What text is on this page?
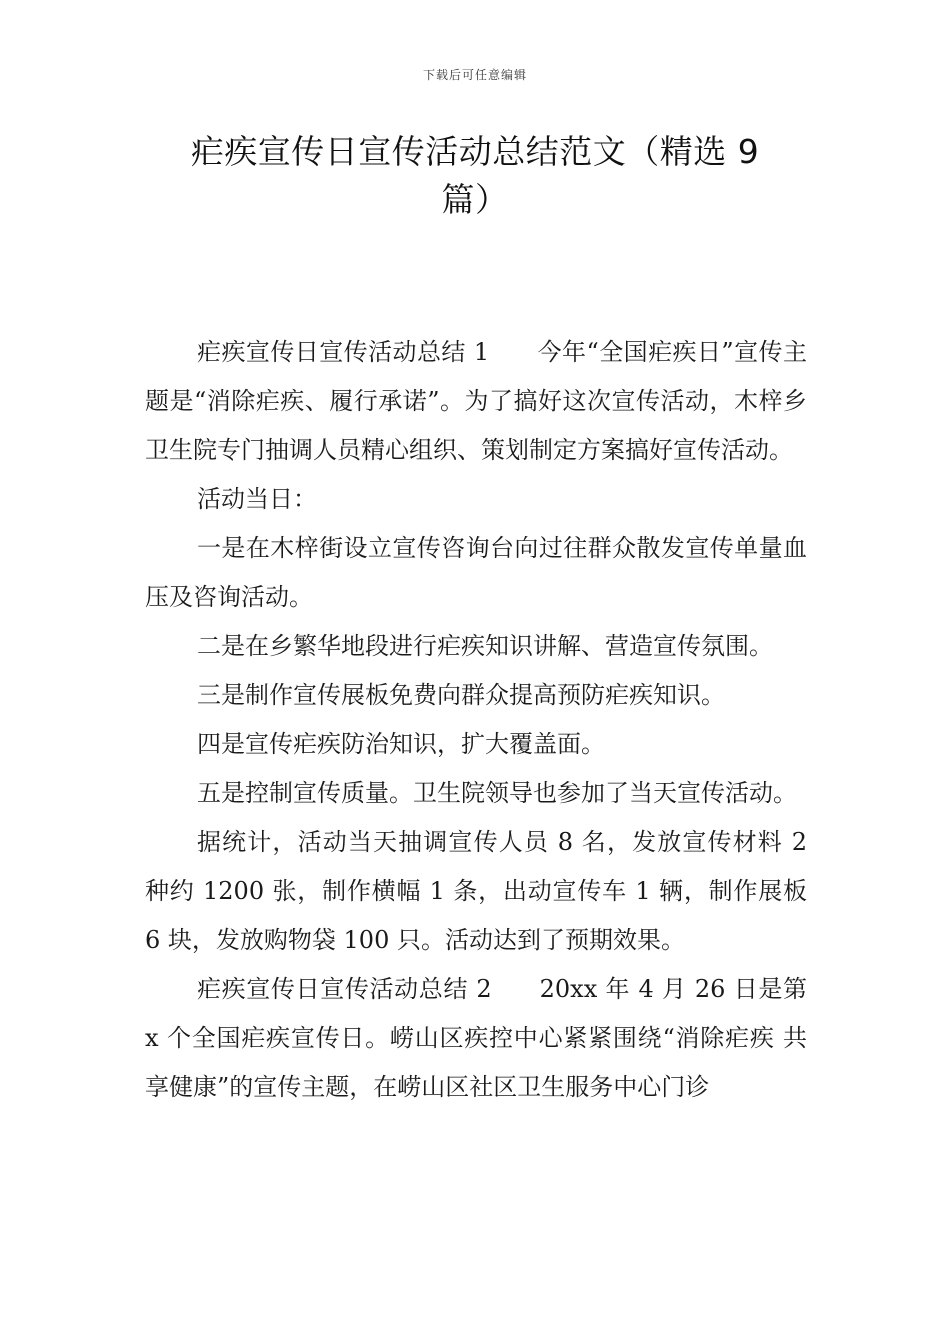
下载后可任意编辑
疟疾宣传日宣传活动总结范文（精选 9
篇）

疟疾宣传日宣传活动总结 1 今年“全国疟疾日”宣传主题是“消除疟疾、履行承诺”。为了搞好这次宣传活动，木梓乡卫生院专门抽调人员精心组织、策划制定方案搞好宣传活动。

活动当日：

一是在木梓街设立宣传咨询台向过往群众散发宣传单量血压及咨询活动。

二是在乡繁华地段进行疟疾知识讲解、营造宣传氛围。

三是制作宣传展板免费向群众提高预防疟疾知识。

四是宣传疟疾防治知识，扩大覆盖面。

五是控制宣传质量。卫生院领导也参加了当天宣传活动。

据统计，活动当天抽调宣传人员 8 名，发放宣传材料 2 种约 1200 张，制作横幅 1 条，出动宣传车 1 辆，制作展板 6 块，发放购物袋 100 只。活动达到了预期效果。

疟疾宣传日宣传活动总结 2 20xx 年 4 月 26 日是第 x 个全国疟疾宣传日。崂山区疾控中心紧紧围绕“消除疟疾 共享健康”的宣传主题，在崂山区社区卫生服务中心门诊
